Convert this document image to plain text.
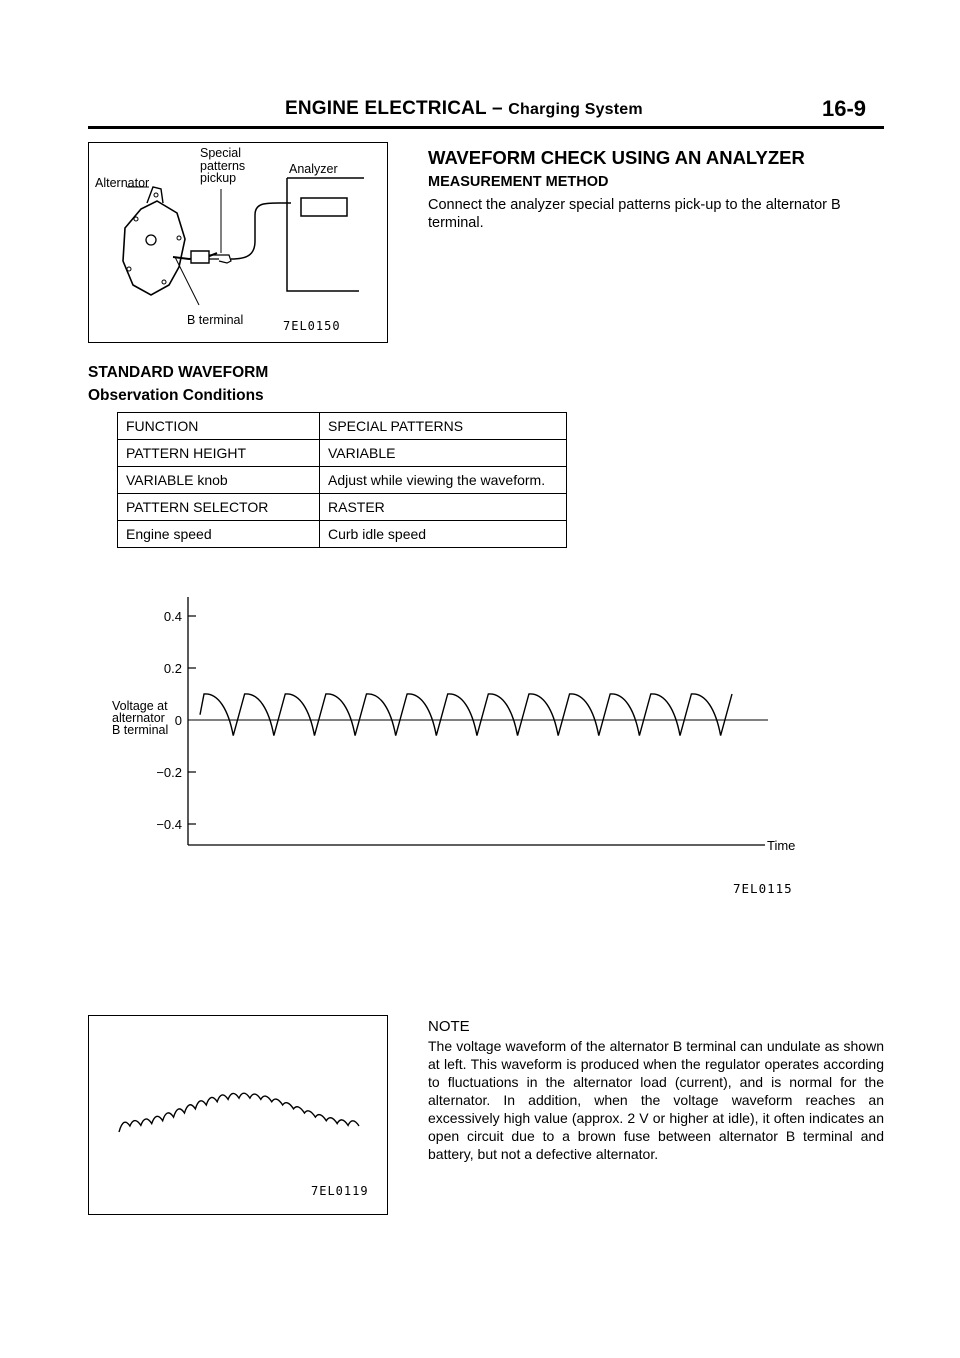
ENGINE ELECTRICAL – Charging System	16-9
Special patterns pickup
Alternator
Analyzer
B terminal	7EL0150
WAVEFORM CHECK USING AN ANALYZER
MEASUREMENT METHOD
Connect the analyzer special patterns pick-up to the alternator B terminal.
STANDARD WAVEFORM
Observation Conditions
FUNCTION	SPECIAL PATTERNS
PATTERN HEIGHT	VARIABLE
VARIABLE knob	Adjust while viewing the waveform.
PATTERN SELECTOR	RASTER
Engine speed	Curb idle speed
0.4
0.2
0
−0.2
−0.4
Voltage at alternator B terminal
Time
7EL0115
7EL0119
NOTE
The voltage waveform of the alternator B terminal can undulate as shown at left. This waveform is produced when the regulator operates according to fluctuations in the alternator load (current), and is normal for the alternator. In addition, when the voltage waveform reaches an excessively high value (approx. 2 V or higher at idle), it often indicates an open circuit due to a brown fuse between alternator B terminal and battery, but not a defective alternator.
